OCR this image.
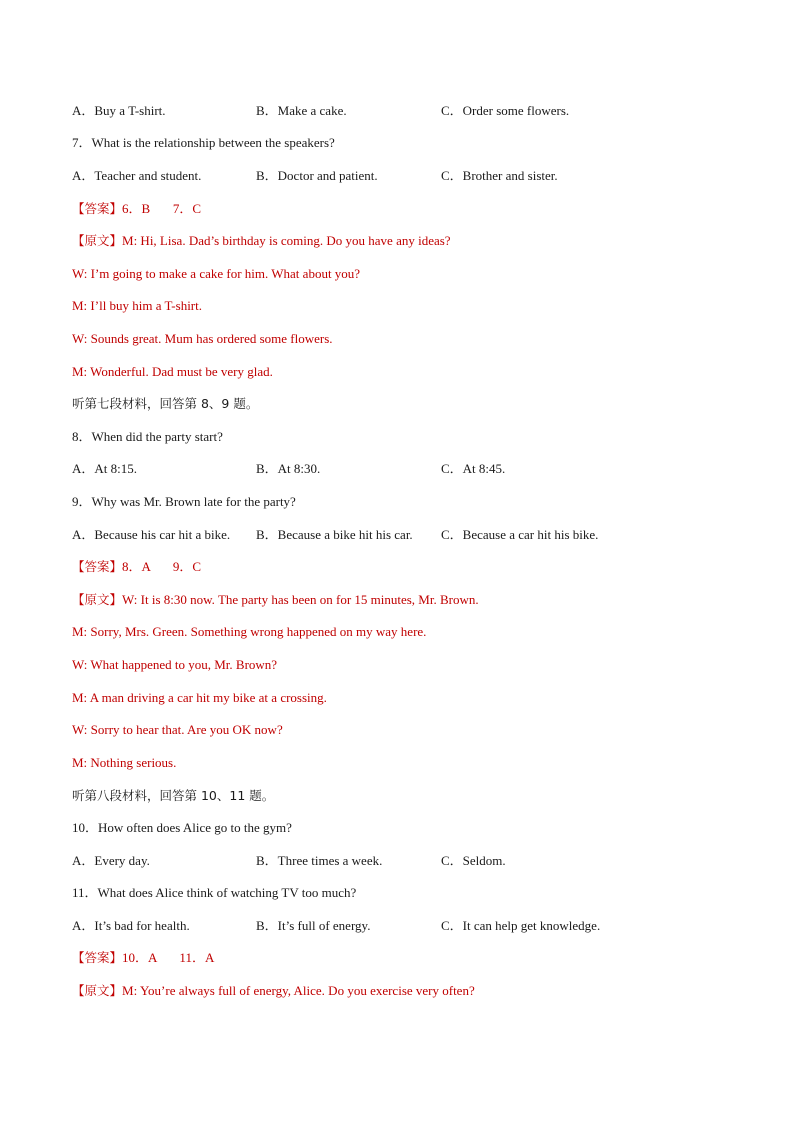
A．Buy a T-shirt.	B．Make a cake.	C．Order some flowers.
7．What is the relationship between the speakers?
A．Teacher and student.	B．Doctor and patient.	C．Brother and sister.
【答案】6．B       7．C
【原文】M: Hi, Lisa. Dad’s birthday is coming. Do you have any ideas?
W: I’m going to make a cake for him. What about you?
M: I’ll buy him a T-shirt.
W: Sounds great. Mum has ordered some flowers.
M: Wonderful. Dad must be very glad.
听第七段材料，回答第 8、9 题。
8．When did the party start?
A．At 8:15.	B．At 8:30.	C．At 8:45.
9．Why was Mr. Brown late for the party?
A．Because his car hit a bike. B．Because a bike hit his car. C．Because a car hit his bike.
【答案】8．A       9．C
【原文】W: It is 8:30 now. The party has been on for 15 minutes, Mr. Brown.
M: Sorry, Mrs. Green. Something wrong happened on my way here.
W: What happened to you, Mr. Brown?
M: A man driving a car hit my bike at a crossing.
W: Sorry to hear that. Are you OK now?
M: Nothing serious.
听第八段材料，回答第 10、11 题。
10．How often does Alice go to the gym?
A．Every day.	B．Three times a week.	C．Seldom.
11．What does Alice think of watching TV too much?
A．It’s bad for health.	B．It’s full of energy.	C．It can help get knowledge.
【答案】10．A       11．A
【原文】M: You’re always full of energy, Alice. Do you exercise very often?
